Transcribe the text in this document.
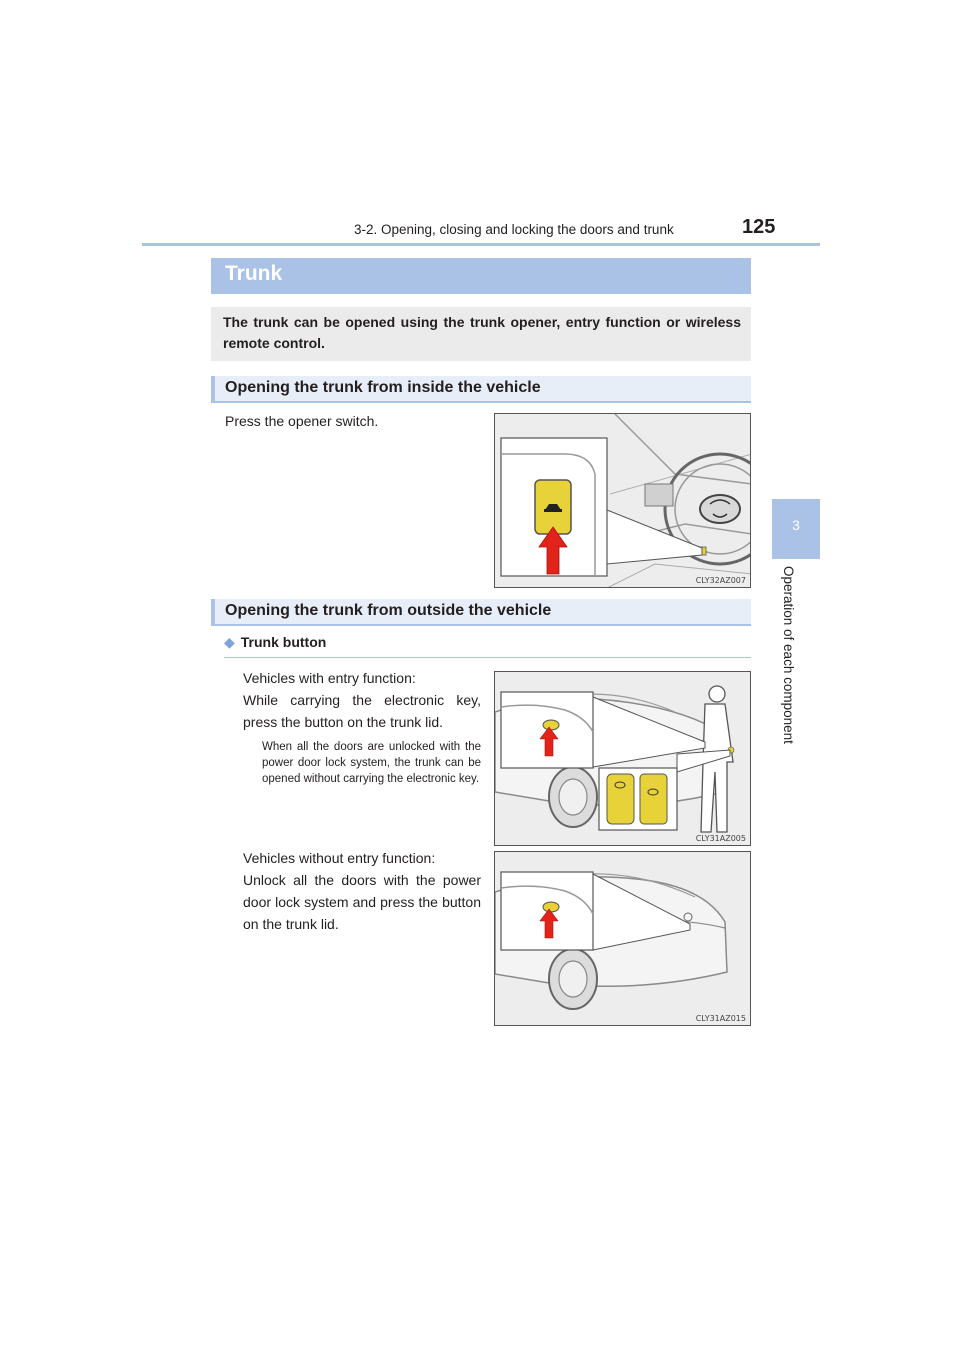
3-2. Opening, closing and locking the doors and trunk	125
3
Operation of each component
Trunk
The trunk can be opened using the trunk opener, entry function or wireless remote control.
Opening the trunk from inside the vehicle
Press the opener switch.
CLY32AZ007
Opening the trunk from outside the vehicle
◆ Trunk button
Vehicles with entry function:
While carrying the electronic key, press the button on the trunk lid.
When all the doors are unlocked with the power door lock system, the trunk can be opened without carrying the electronic key.
CLY31AZ005
Vehicles without entry function:
Unlock all the doors with the power door lock system and press the button on the trunk lid.
CLY31AZ015
